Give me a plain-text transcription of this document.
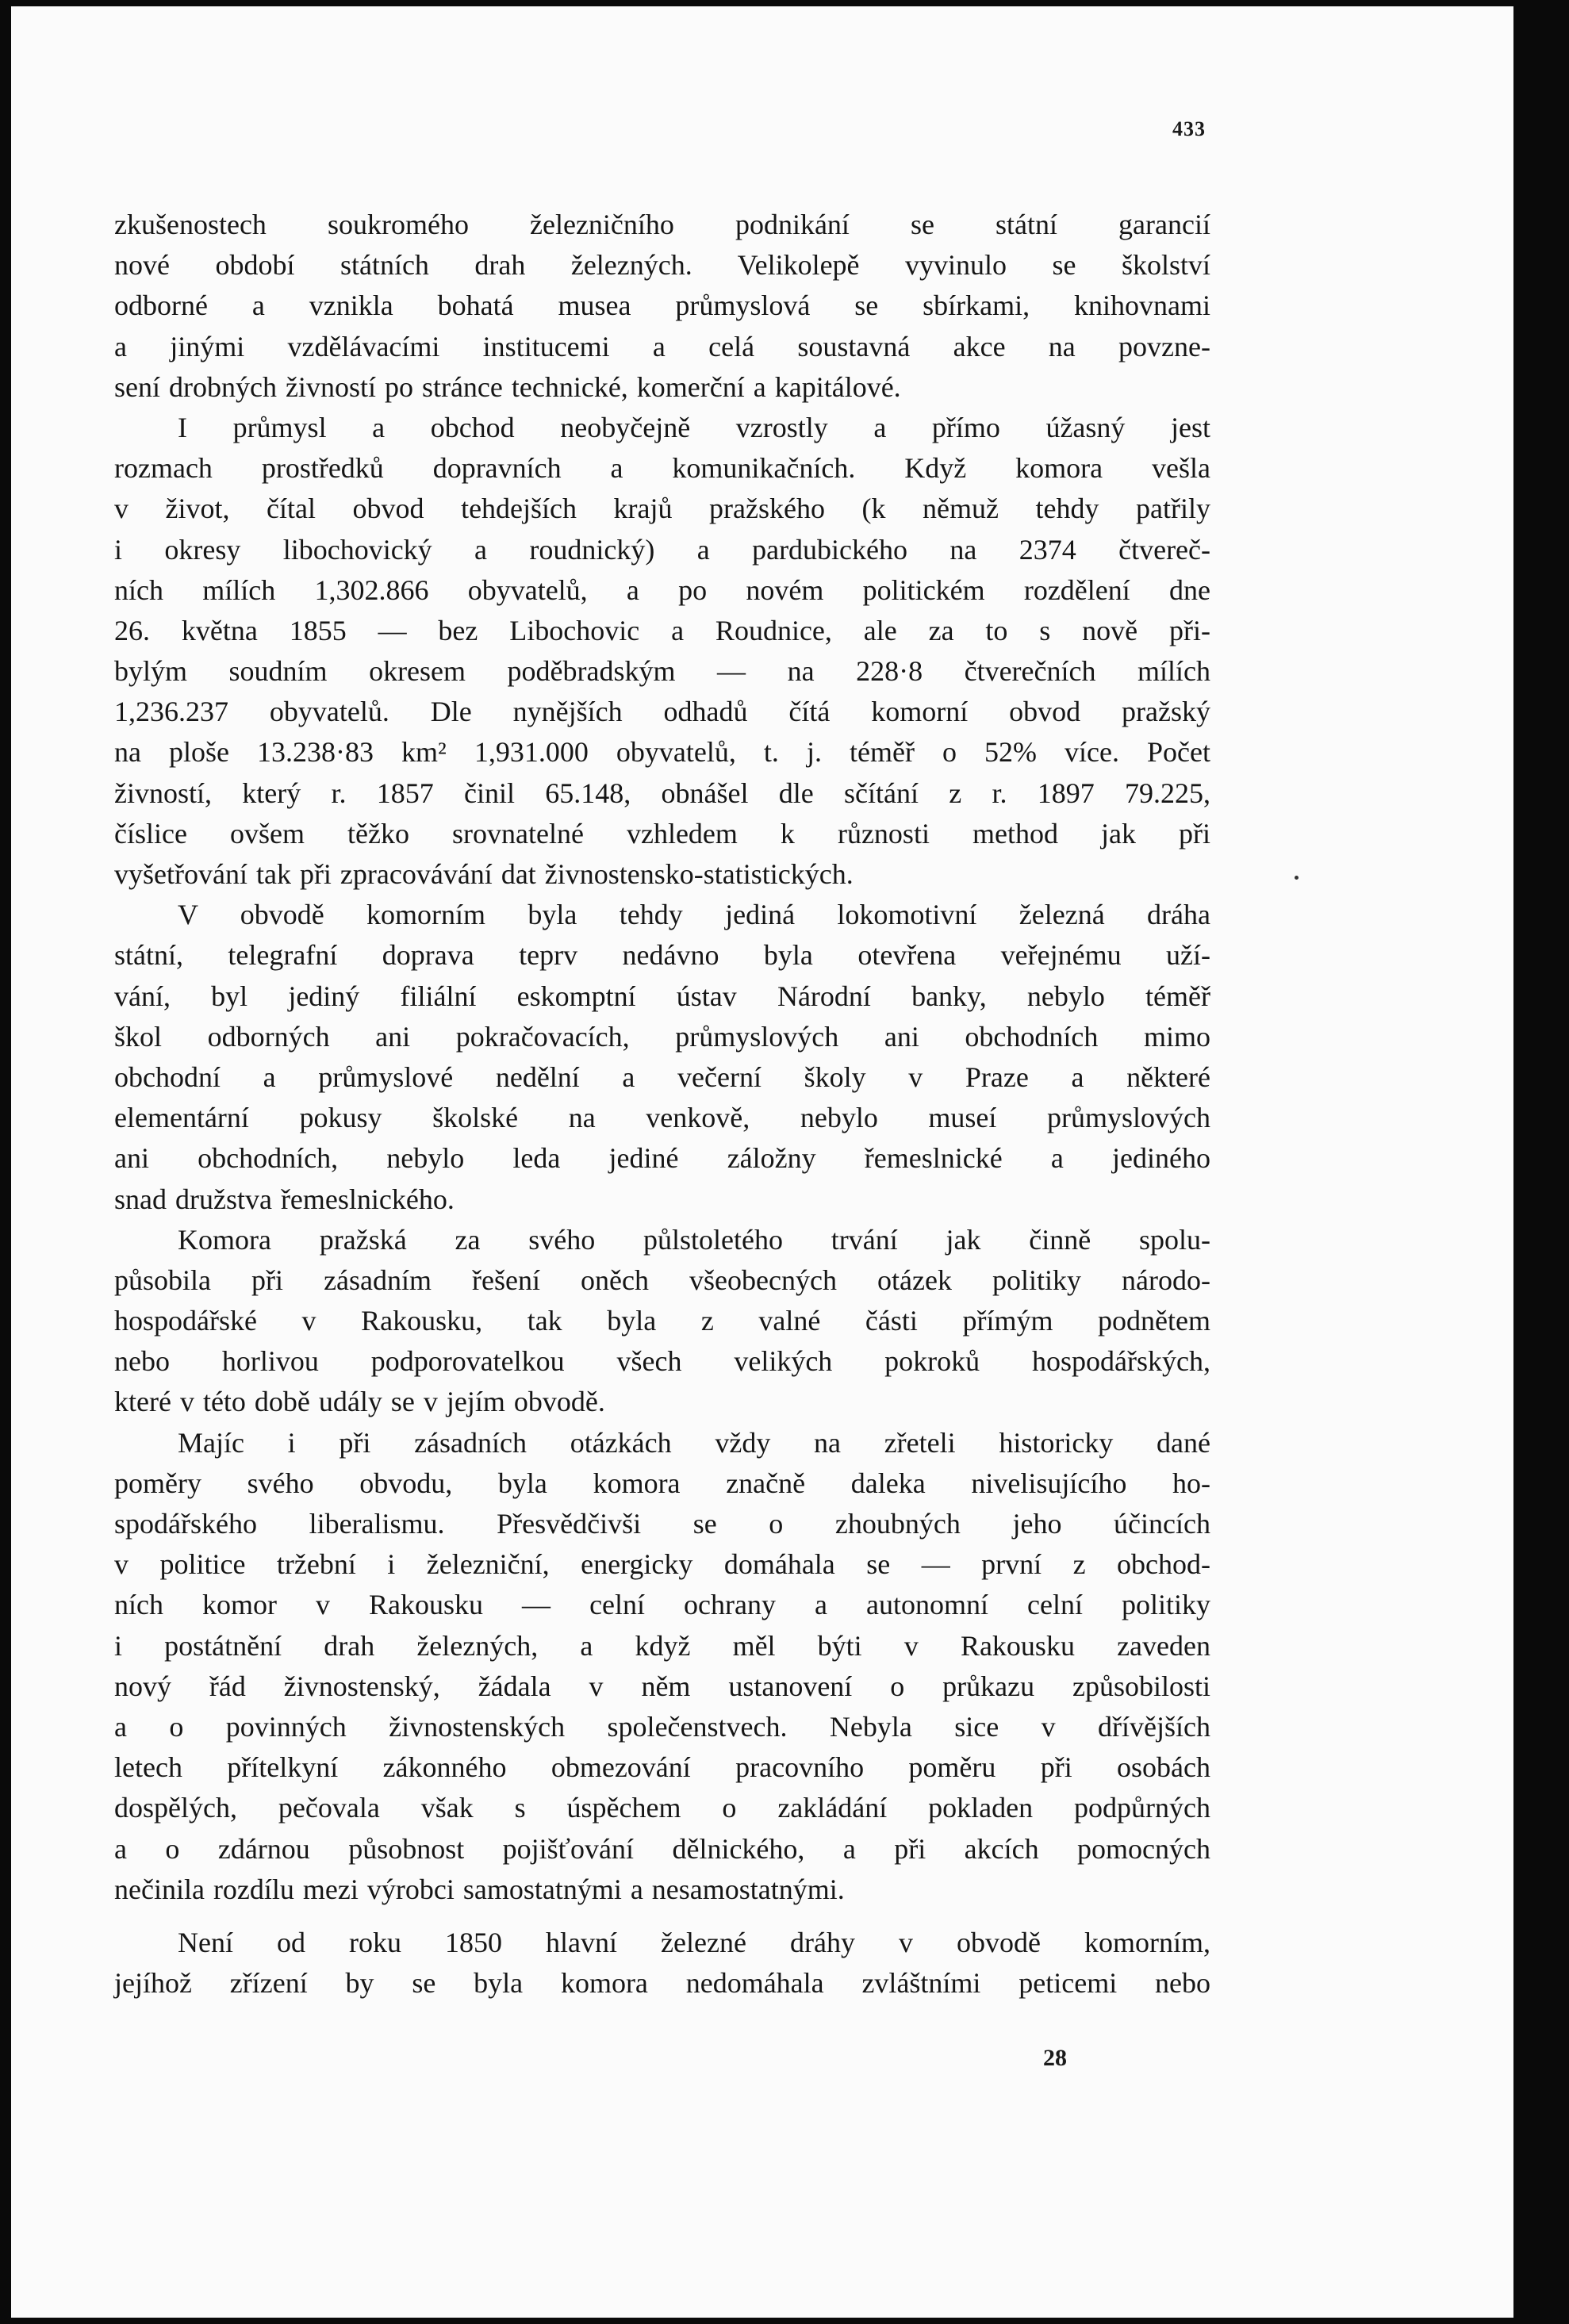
433
zkušenostech soukromého železničního podnikání se státní garancií
nové období státních drah železných. Velikolepě vyvinulo se školství
odborné a vznikla bohatá musea průmyslová se sbírkami, knihovnami
a jinými vzdělávacími institucemi a celá soustavná akce na povzne-
sení drobných živností po stránce technické, komerční a kapitálové.
I průmysl a obchod neobyčejně vzrostly a přímo úžasný jest
rozmach prostředků dopravních a komunikačních. Když komora vešla
v život, čítal obvod tehdejších krajů pražského (k němuž tehdy patřily
i okresy libochovický a roudnický) a pardubického na 2374 čtvereč-
ních mílích 1,302.866 obyvatelů, a po novém politickém rozdělení dne
26. května 1855 — bez Libochovic a Roudnice, ale za to s nově při-
bylým soudním okresem poděbradským — na 228·8 čtverečních mílích
1,236.237 obyvatelů. Dle nynějších odhadů čítá komorní obvod pražský
na ploše 13.238·83 km² 1,931.000 obyvatelů, t. j. téměř o 52% více. Počet
živností, který r. 1857 činil 65.148, obnášel dle sčítání z r. 1897 79.225,
číslice ovšem těžko srovnatelné vzhledem k různosti method jak při
vyšetřování tak při zpracovávání dat živnostensko-statistických.
V obvodě komorním byla tehdy jediná lokomotivní železná dráha
státní, telegrafní doprava teprv nedávno byla otevřena veřejnému uží-
vání, byl jediný filiální eskomptní ústav Národní banky, nebylo téměř
škol odborných ani pokračovacích, průmyslových ani obchodních mimo
obchodní a průmyslové nedělní a večerní školy v Praze a některé
elementární pokusy školské na venkově, nebylo museí průmyslových
ani obchodních, nebylo leda jediné záložny řemeslnické a jediného
snad družstva řemeslnického.
Komora pražská za svého půlstoletého trvání jak činně spolu-
působila při zásadním řešení oněch všeobecných otázek politiky národo-
hospodářské v Rakousku, tak byla z valné části přímým podnětem
nebo horlivou podporovatelkou všech velikých pokroků hospodářských,
které v této době udály se v jejím obvodě.
Majíc i při zásadních otázkách vždy na zřeteli historicky dané
poměry svého obvodu, byla komora značně daleka nivelisujícího ho-
spodářského liberalismu. Přesvědčivši se o zhoubných jeho účincích
v politice tržební i železniční, energicky domáhala se — první z obchod-
ních komor v Rakousku — celní ochrany a autonomní celní politiky
i postátnění drah železných, a když měl býti v Rakousku zaveden
nový řád živnostenský, žádala v něm ustanovení o průkazu způsobilosti
a o povinných živnostenských společenstvech. Nebyla sice v dřívějších
letech přítelkyní zákonného obmezování pracovního poměru při osobách
dospělých, pečovala však s úspěchem o zakládání pokladen podpůrných
a o zdárnou působnost pojišťování dělnického, a při akcích pomocných
nečinila rozdílu mezi výrobci samostatnými a nesamostatnými.
Není od roku 1850 hlavní železné dráhy v obvodě komorním,
jejíhož zřízení by se byla komora nedomáhala zvláštními peticemi nebo
28
